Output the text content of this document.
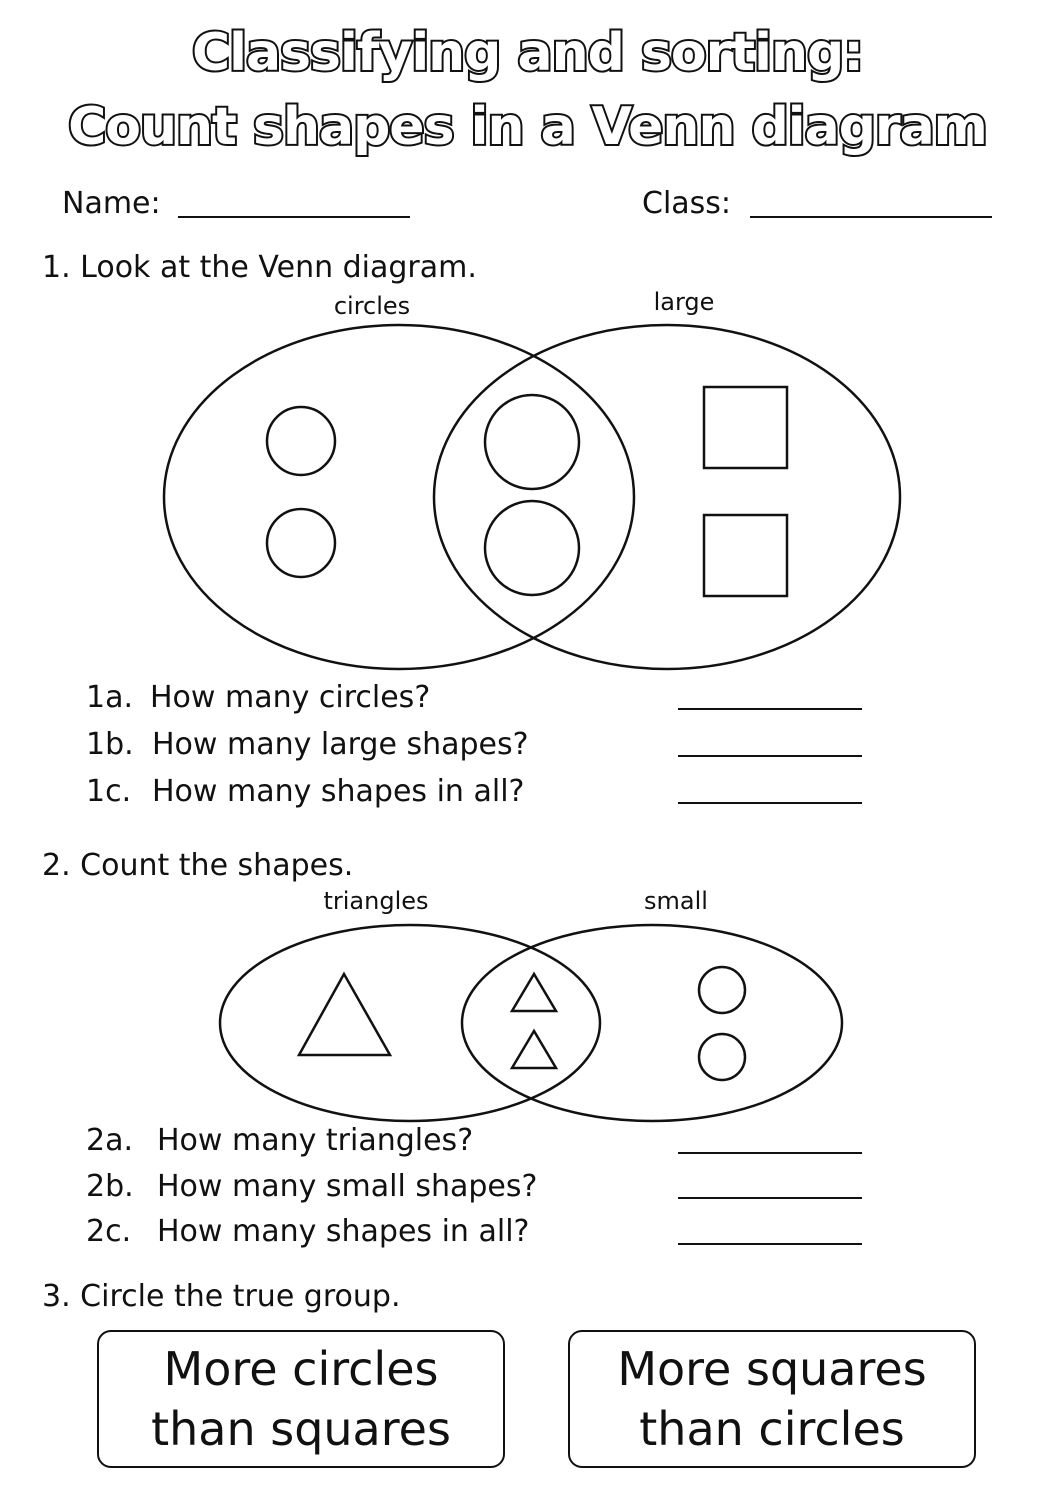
Classifying and sorting:
Count shapes in a Venn diagram
Name:	Class:
1. Look at the Venn diagram.
circles	large
1a. How many circles?
1b. How many large shapes?
1c. How many shapes in all?
2. Count the shapes.
triangles	small
2a. How many triangles?
2b. How many small shapes?
2c. How many shapes in all?
3. Circle the true group.
More circles
than squares
More squares
than circles
